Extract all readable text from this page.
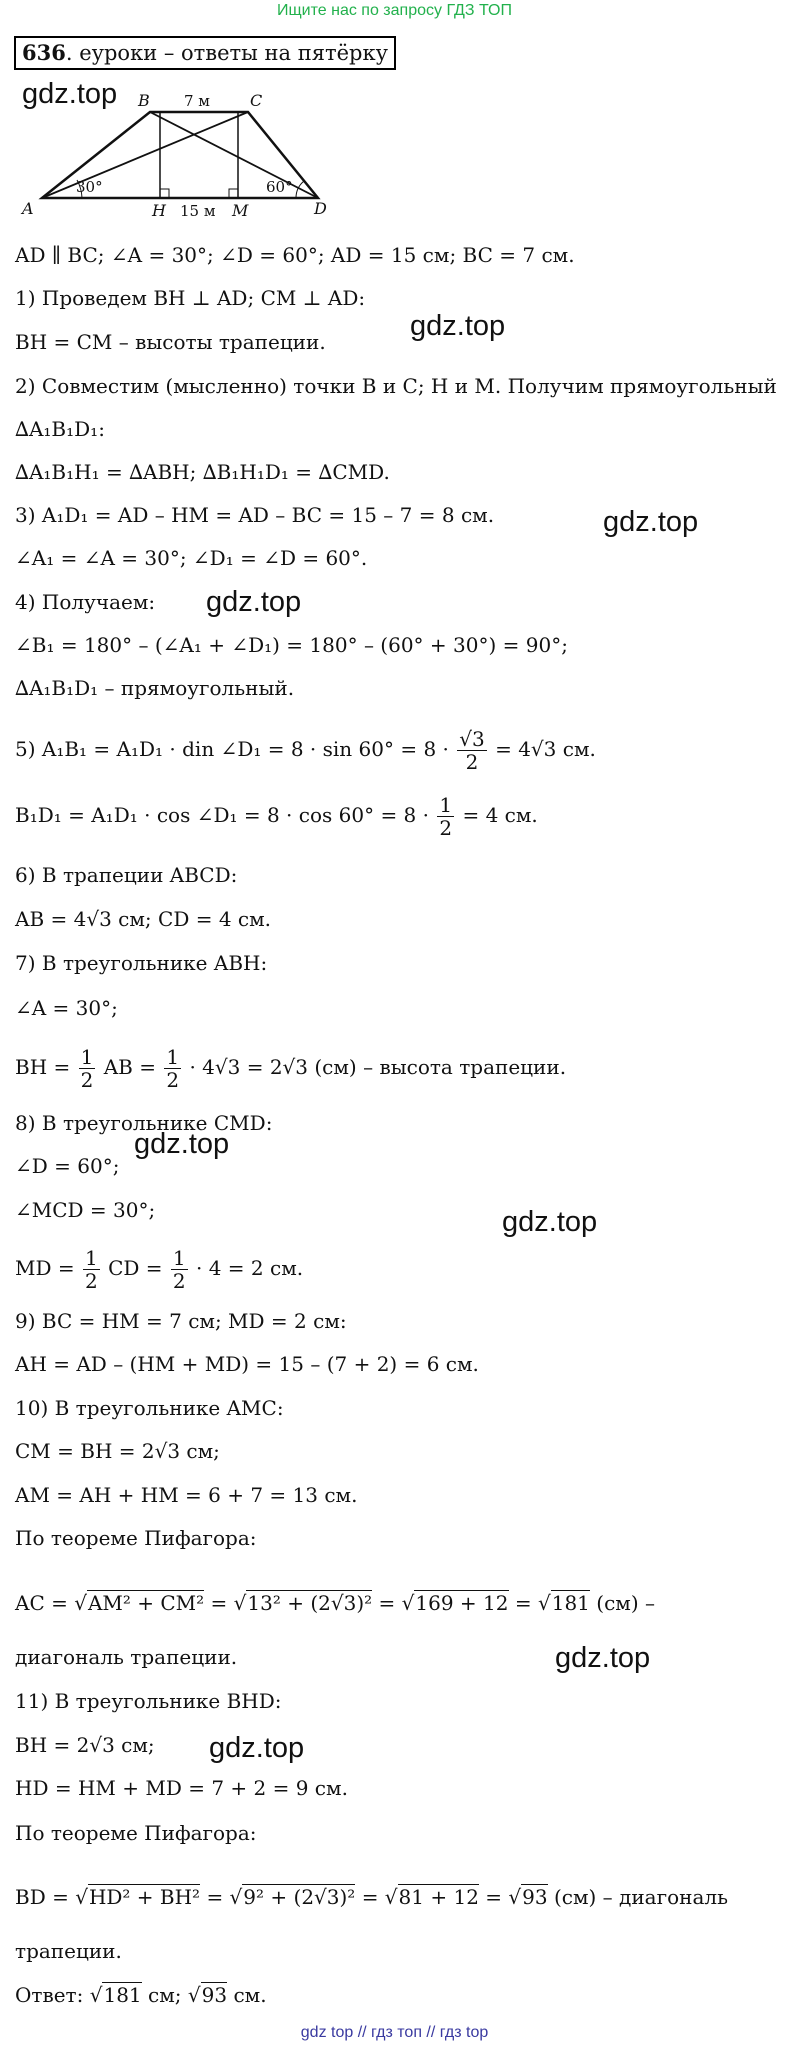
Ищите нас по запросу ГДЗ ТОП
636. еуроки – ответы на пятёрку
A
B	C
D
H	M
7 м
15 м
30°	60°
gdz.top
gdz.top
gdz.top
gdz.top
gdz.top
gdz.top
gdz.top
gdz.top
AD ∥ BC; ∠A = 30°; ∠D = 60°; AD = 15 см; BC = 7 см.
1) Проведем BH ⊥ AD; CM ⊥ AD:
BH = CM – высоты трапеции.
2) Совместим (мысленно) точки B и C; H и M. Получим прямоугольный
∆A₁B₁D₁:
∆A₁B₁H₁ = ∆ABH; ∆B₁H₁D₁ = ∆CMD.
3) A₁D₁ = AD – HM = AD – BC = 15 – 7 = 8 см.
∠A₁ = ∠A = 30°; ∠D₁ = ∠D = 60°.
4) Получаем:
∠B₁ = 180° – (∠A₁ + ∠D₁) = 180° – (60° + 30°) = 90°;
∆A₁B₁D₁ – прямоугольный.
5) A₁B₁ = A₁D₁ · din ∠D₁ = $8 \cdot \sin 60^\circ = 8 \cdot \frac{√3}{2} = 4√3$ см.
B₁D₁ = A₁D₁ · cos ∠D₁ = $8 \cdot \cos 60^\circ = 8 \cdot \frac{1}{2} = 4$ см.
6) В трапеции ABCD:
AB = 4√3 см; CD = 4 см.
7) В треугольнике ABH:
∠A = 30°;
BH = $\frac{1}{2}$ AB = $\frac{1}{2} \cdot 4√3 = 2√3$ (см) – высота трапеции.
8) В треугольнике CMD:
∠D = 60°;
∠MCD = 30°;
MD = $\frac{1}{2}$ CD = $\frac{1}{2} \cdot 4 = 2$ см.
9) BC = HM = 7 см; MD = 2 см:
AH = AD – (HM + MD) = 15 – (7 + 2) = 6 см.
10) В треугольнике AMC:
CM = BH = 2√3 см;
AM = AH + HM = 6 + 7 = 13 см.
По теореме Пифагора:
AC = √AM² + CM² = √13² + (2√3)² = √169 + 12 = √181 (см) –
диагональ трапеции.
11) В треугольнике BHD:
BH = 2√3 см;
HD = HM + MD = 7 + 2 = 9 см.
По теореме Пифагора:
BD = √HD² + BH² = √9² + (2√3)² = √81 + 12 = √93 (см) – диагональ
трапеции.
Ответ: √181 см; √93 см.
gdz top // гдз топ // гдз top
